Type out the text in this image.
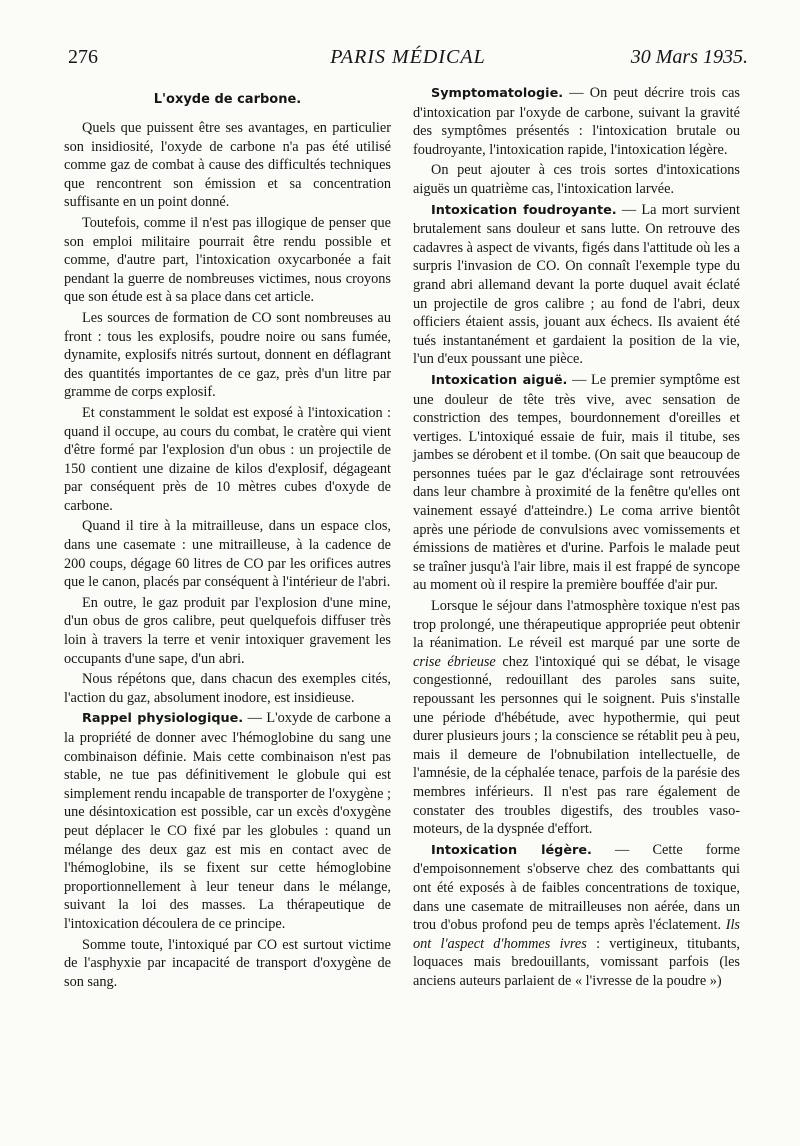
276	PARIS MÉDICAL	30 Mars 1935.
L'oxyde de carbone.

Quels que puissent être ses avantages, en particulier son insidiosité, l'oxyde de carbone n'a pas été utilisé comme gaz de combat à cause des difficultés techniques que rencontrent son émission et sa concentration suffisante en un point donné.

Toutefois, comme il n'est pas illogique de penser que son emploi militaire pourrait être rendu possible et comme, d'autre part, l'intoxication oxycarbonée a fait pendant la guerre de nombreuses victimes, nous croyons que son étude est à sa place dans cet article.

Les sources de formation de CO sont nombreuses au front : tous les explosifs, poudre noire ou sans fumée, dynamite, explosifs nitrés surtout, donnent en déflagrant des quantités importantes de ce gaz, près d'un litre par gramme de corps explosif.

Et constamment le soldat est exposé à l'intoxication : quand il occupe, au cours du combat, le cratère qui vient d'être formé par l'explosion d'un obus : un projectile de 150 contient une dizaine de kilos d'explosif, dégageant par conséquent près de 10 mètres cubes d'oxyde de carbone.

Quand il tire à la mitrailleuse, dans un espace clos, dans une casemate : une mitrailleuse, à la cadence de 200 coups, dégage 60 litres de CO par les orifices autres que le canon, placés par conséquent à l'intérieur de l'abri.

En outre, le gaz produit par l'explosion d'une mine, d'un obus de gros calibre, peut quelquefois diffuser très loin à travers la terre et venir intoxiquer gravement les occupants d'une sape, d'un abri.

Nous répétons que, dans chacun des exemples cités, l'action du gaz, absolument inodore, est insidieuse.

Rappel physiologique. — L'oxyde de carbone a la propriété de donner avec l'hémoglobine du sang une combinaison définie. Mais cette combinaison n'est pas stable, ne tue pas définitivement le globule qui est simplement rendu incapable de transporter de l'oxygène ; une désintoxication est possible, car un excès d'oxygène peut déplacer le CO fixé par les globules : quand un mélange des deux gaz est mis en contact avec de l'hémoglobine, ils se fixent sur cette hémoglobine proportionnellement à leur teneur dans le mélange, suivant la loi des masses. La thérapeutique de l'intoxication découlera de ce principe.

Somme toute, l'intoxiqué par CO est surtout victime de l'asphyxie par incapacité de transport d'oxygène de son sang.

Symptomatologie. — On peut décrire trois cas d'intoxication par l'oxyde de carbone, suivant la gravité des symptômes présentés : l'intoxication brutale ou foudroyante, l'intoxication rapide, l'intoxication légère.

On peut ajouter à ces trois sortes d'intoxications aiguës un quatrième cas, l'intoxication larvée.

Intoxication foudroyante. — La mort survient brutalement sans douleur et sans lutte. On retrouve des cadavres à aspect de vivants, figés dans l'attitude où les a surpris l'invasion de CO. On connaît l'exemple type du grand abri allemand devant la porte duquel avait éclaté un projectile de gros calibre ; au fond de l'abri, deux officiers étaient assis, jouant aux échecs. Ils avaient été tués instantanément et gardaient la position de la vie, l'un d'eux poussant une pièce.

Intoxication aiguë. — Le premier symptôme est une douleur de tête très vive, avec sensation de constriction des tempes, bourdonnement d'oreilles et vertiges. L'intoxiqué essaie de fuir, mais il titube, ses jambes se dérobent et il tombe. (On sait que beaucoup de personnes tuées par le gaz d'éclairage sont retrouvées dans leur chambre à proximité de la fenêtre qu'elles ont vainement essayé d'atteindre.) Le coma arrive bientôt après une période de convulsions avec vomissements et émissions de matières et d'urine. Parfois le malade peut se traîner jusqu'à l'air libre, mais il est frappé de syncope au moment où il respire la première bouffée d'air pur.

Lorsque le séjour dans l'atmosphère toxique n'est pas trop prolongé, une thérapeutique appropriée peut obtenir la réanimation. Le réveil est marqué par une sorte de crise ébrieuse chez l'intoxiqué qui se débat, le visage congestionné, redouillant des paroles sans suite, repoussant les personnes qui le soignent. Puis s'installe une période d'hébétude, avec hypothermie, qui peut durer plusieurs jours ; la conscience se rétablit peu à peu, mais il demeure de l'obnubilation intellectuelle, de l'amnésie, de la céphalée tenace, parfois de la parésie des membres inférieurs. Il n'est pas rare également de constater des troubles digestifs, des troubles vaso-moteurs, de la dyspnée d'effort.

Intoxication légère. — Cette forme d'empoisonnement s'observe chez des combattants qui ont été exposés à de faibles concentrations de toxique, dans une casemate de mitrailleuses non aérée, dans un trou d'obus profond peu de temps après l'éclatement. Ils ont l'aspect d'hommes ivres : vertigineux, titubants, loquaces mais bredouillants, vomissant parfois (les anciens auteurs parlaient de « l'ivresse de la poudre »)
